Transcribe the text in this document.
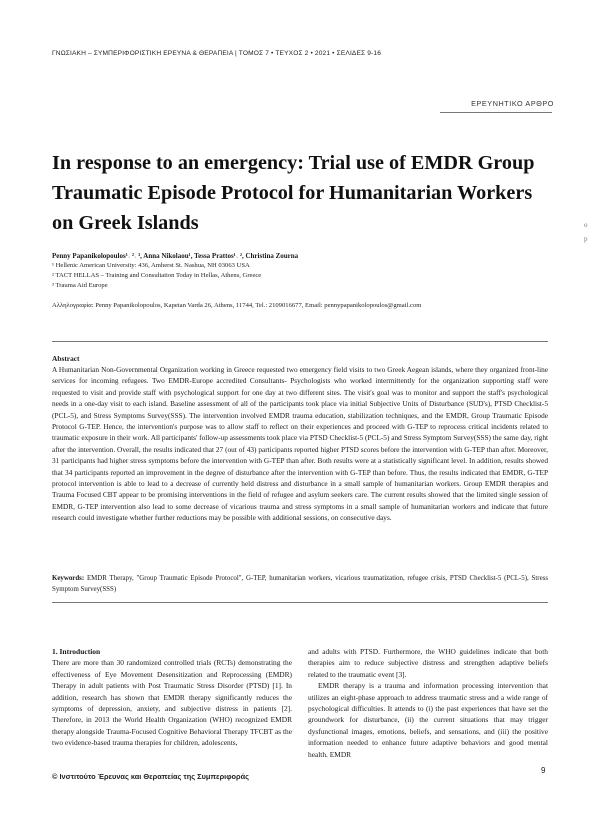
ΓΝΩΣΙΑΚΗ – ΣΥΜΠΕΡΙΦΟΡΙΣΤΙΚΗ ΕΡΕΥΝΑ & ΘΕΡΑΠΕΙΑ | ΤΟΜΟΣ 7 • ΤΕΥΧΟΣ 2 • 2021 • ΣΕΛΙΔΕΣ 9-16
ΕΡΕΥΝΗΤΙΚΟ ΑΡΘΡΟ
In response to an emergency: Trial use of EMDR Group Traumatic Episode Protocol for Humanitarian Workers on Greek Islands	o
p
Penny Papanikolopoulos¹˒ ²˒ ³, Anna Nikolaou¹, Tessa Prattos¹˒ ², Christina Zourna
¹ Hellenic American University: 436, Amherst St. Nashua, NH 03063 USA
² TACT HELLAS – Training and Consultation Today in Hellas, Athens, Greece
³ Trauma Aid Europe
Αλληλογραφία: Penny Papanikolopoulos, Kapetan Varda 26, Athens, 11744, Tel.: 2109016677, Email: pennypapanikolopoulos@gmail.com
Abstract

A Humanitarian Non-Governmental Organization working in Greece requested two emergency field visits to two Greek Aegean islands, where they organized front-line services for incoming refugees. Two EMDR-Europe accredited Consultants- Psychologists who worked intermittently for the organization supporting staff were requested to visit and provide staff with psychological support for one day at two different sites. The visit's goal was to monitor and support the staff's psychological needs in a one-day visit to each island. Baseline assessment of all of the participants took place via initial Subjective Units of Disturbance (SUD's), PTSD Checklist-5 (PCL-5), and Stress Symptoms Survey(SSS). The intervention involved EMDR trauma education, stabilization techniques, and the EMDR, Group Traumatic Episode Protocol G-TEP. Hence, the intervention's purpose was to allow staff to reflect on their experiences and proceed with G-TEP to reprocess critical incidents related to traumatic exposure in their work. All participants' follow-up assessments took place via PTSD Checklist-5 (PCL-5) and Stress Symptom Survey(SSS) the same day, right after the intervention. Overall, the results indicated that 27 (out of 43) participants reported higher PTSD scores before the intervention with G-TEP than after. Moreover, 31 participants had higher stress symptoms before the intervention with G-TEP than after. Both results were at a statistically significant level. In addition, results showed that 34 participants reported an improvement in the degree of disturbance after the intervention with G-TEP than before. Thus, the results indicated that EMDR, G-TEP protocol intervention is able to lead to a decrease of currently held distress and disturbance in a small sample of humanitarian workers. Group EMDR therapies and Trauma Focused CBT appear to be promising interventions in the field of refugee and asylum seekers care. The current results showed that the limited single session of EMDR, G-TEP intervention also lead to some decrease of vicarious trauma and stress symptoms in a small sample of humanitarian workers and indicate that future research could investigate whether further reductions may be possible with additional sessions, on consecutive days.

Keywords: EMDR Therapy, "Group Traumatic Episode Protocol", G-TEP, humanitarian workers, vicarious traumatization, refugee crisis, PTSD Checklist-5 (PCL-5), Stress Symptom Survey(SSS)

1. Introduction

There are more than 30 randomized controlled trials (RCTs) demonstrating the effectiveness of Eye Movement Desensitization and Reprocessing (EMDR) Therapy in adult patients with Post Traumatic Stress Disorder (PTSD) [1]. In addition, research has shown that EMDR therapy significantly reduces the symptoms of depression, anxiety, and subjective distress in patients [2]. Therefore, in 2013 the World Health Organization (WHO) recognized EMDR therapy alongside Trauma-Focused Cognitive Behavioral Therapy TFCBT as the two evidence-based trauma therapies for children, adolescents,

and adults with PTSD. Furthermore, the WHO guidelines indicate that both therapies aim to reduce subjective distress and strengthen adaptive beliefs related to the traumatic event [3].

EMDR therapy is a trauma and information processing intervention that utilizes an eight-phase approach to address traumatic stress and a wide range of psychological difficulties. It attends to (i) the past experiences that have set the groundwork for disturbance, (ii) the current situations that may trigger dysfunctional images, emotions, beliefs, and sensations, and (iii) the positive information needed to enhance future adaptive behaviors and good mental health. EMDR

© Ινστιτούτο Έρευνας και Θεραπείας της Συμπεριφοράς
9
